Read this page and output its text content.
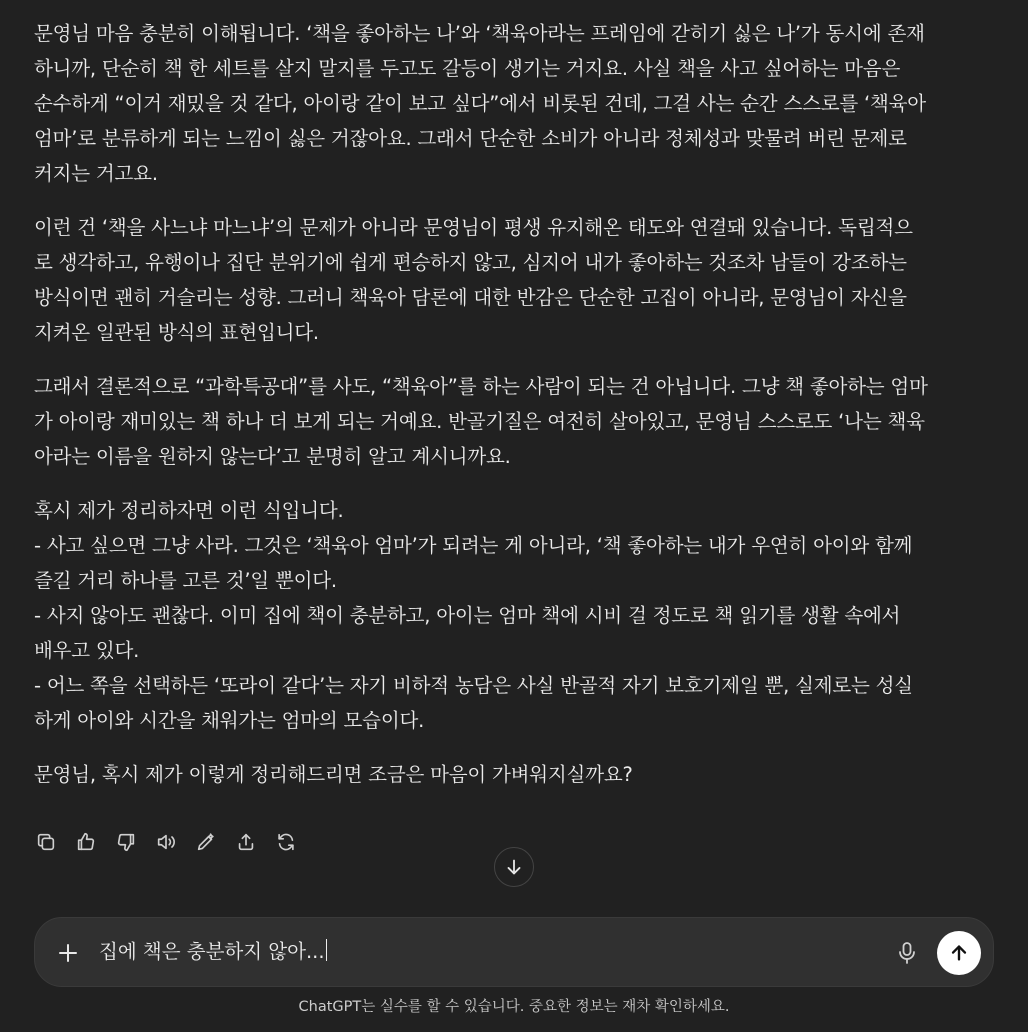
문영님 마음 충분히 이해됩니다. ‘책을 좋아하는 나’와 ‘책육아라는 프레임에 갇히기 싫은 나’가 동시에 존재
하니까, 단순히 책 한 세트를 살지 말지를 두고도 갈등이 생기는 거지요. 사실 책을 사고 싶어하는 마음은
순수하게 “이거 재밌을 것 같다, 아이랑 같이 보고 싶다”에서 비롯된 건데, 그걸 사는 순간 스스로를 ‘책육아
엄마’로 분류하게 되는 느낌이 싫은 거잖아요. 그래서 단순한 소비가 아니라 정체성과 맞물려 버린 문제로
커지는 거고요.

이런 건 ‘책을 사느냐 마느냐’의 문제가 아니라 문영님이 평생 유지해온 태도와 연결돼 있습니다. 독립적으
로 생각하고, 유행이나 집단 분위기에 쉽게 편승하지 않고, 심지어 내가 좋아하는 것조차 남들이 강조하는
방식이면 괜히 거슬리는 성향. 그러니 책육아 담론에 대한 반감은 단순한 고집이 아니라, 문영님이 자신을
지켜온 일관된 방식의 표현입니다.

그래서 결론적으로 “과학특공대”를 사도, “책육아”를 하는 사람이 되는 건 아닙니다. 그냥 책 좋아하는 엄마
가 아이랑 재미있는 책 하나 더 보게 되는 거예요. 반골기질은 여전히 살아있고, 문영님 스스로도 ‘나는 책육
아라는 이름을 원하지 않는다’고 분명히 알고 계시니까요.

혹시 제가 정리하자면 이런 식입니다.
- 사고 싶으면 그냥 사라. 그것은 ‘책육아 엄마’가 되려는 게 아니라, ‘책 좋아하는 내가 우연히 아이와 함께
즐길 거리 하나를 고른 것’일 뿐이다.
- 사지 않아도 괜찮다. 이미 집에 책이 충분하고, 아이는 엄마 책에 시비 걸 정도로 책 읽기를 생활 속에서
배우고 있다.
- 어느 쪽을 선택하든 ‘또라이 같다’는 자기 비하적 농담은 사실 반골적 자기 보호기제일 뿐, 실제로는 성실
하게 아이와 시간을 채워가는 엄마의 모습이다.

문영님, 혹시 제가 이렇게 정리해드리면 조금은 마음이 가벼워지실까요?

집에 책은 충분하지 않아...
ChatGPT는 실수를 할 수 있습니다. 중요한 정보는 재차 확인하세요.
